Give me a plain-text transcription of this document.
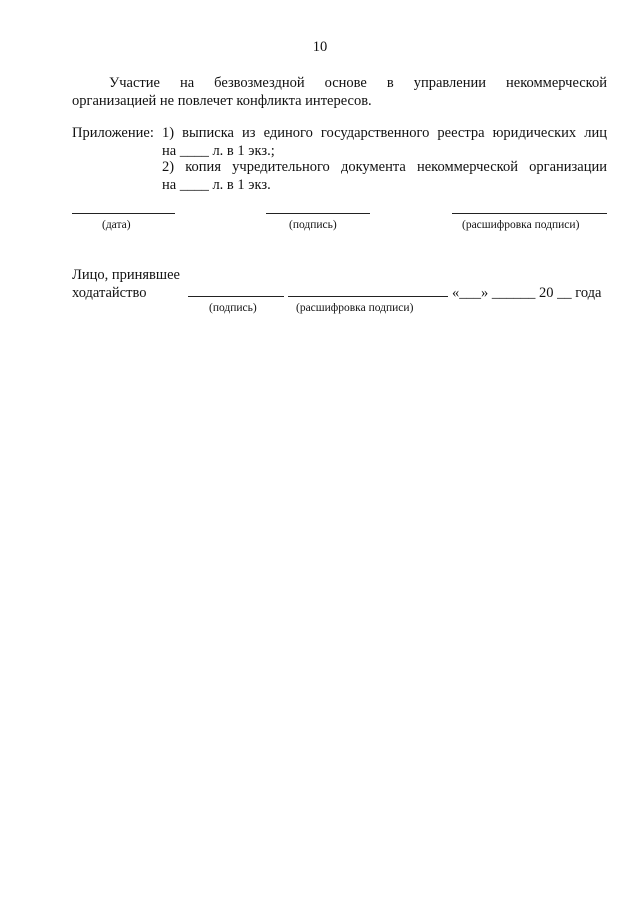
10
Участие на безвозмездной основе в управлении некоммерческой
организацией не повлечет конфликта интересов.
Приложение: 1) выписка из единого государственного реестра юридических лиц
на ____ л. в 1 экз.;
2) копия учредительного документа некоммерческой организации
на ____ л. в 1 экз.
(дата)	(подпись)	(расшифровка подписи)
Лицо, принявшее
ходатайство	«___» ______ 20 __ года
(подпись)	(расшифровка подписи)
